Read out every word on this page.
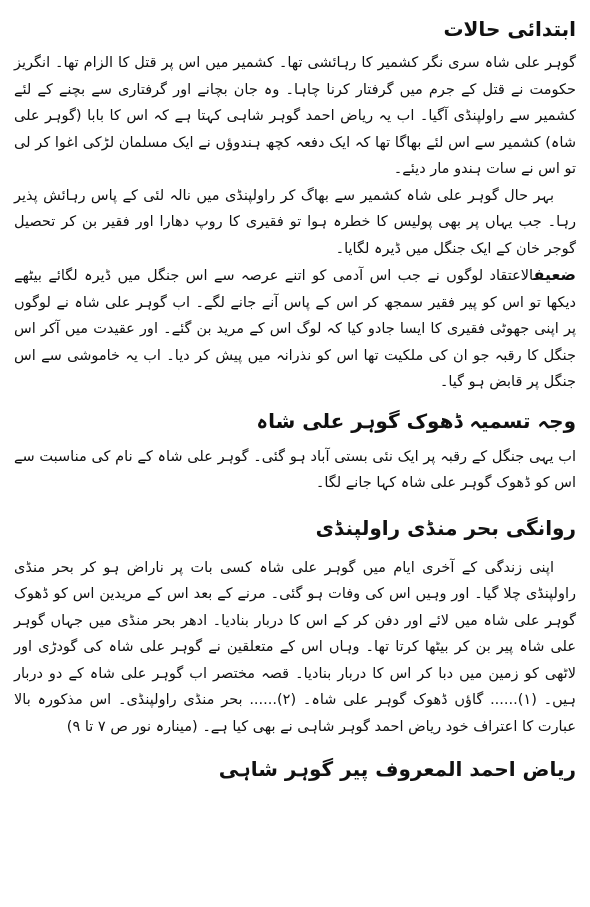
ابتدائی حالات

گوہر علی شاہ سری نگر کشمیر کا رہائشی تھا۔ کشمیر میں اس پر قتل کا الزام تھا۔ انگریز حکومت نے قتل کے جرم میں گرفتار کرنا چاہا۔ وہ جان بچانے اور گرفتاری سے بچنے کے لئے کشمیر سے راولپنڈی آگیا۔ اب یہ ریاض احمد گوہر شاہی کہتا ہے کہ اس کا بابا (گوہر علی شاہ) کشمیر سے اس لئے بھاگا تھا کہ ایک دفعہ کچھ ہندوؤں نے ایک مسلمان لڑکی اغوا کر لی تو اس نے سات ہندو مار دیئے۔

بہر حال گوہر علی شاہ کشمیر سے بھاگ کر راولپنڈی میں نالہ لئی کے پاس رہائش پذیر رہا۔ جب یہاں پر بھی پولیس کا خطرہ ہوا تو فقیری کا روپ دھارا اور فقیر بن کر تحصیل گوجر خان کے ایک جنگل میں ڈیرہ لگایا۔

ضعیفالاعتقاد لوگوں نے جب اس آدمی کو اتنے عرصہ سے اس جنگل میں ڈیرہ لگائے بیٹھے دیکھا تو اس کو پیر فقیر سمجھ کر اس کے پاس آنے جانے لگے۔ اب گوہر علی شاہ نے لوگوں پر اپنی جھوٹی فقیری کا ایسا جادو کیا کہ لوگ اس کے مرید بن گئے۔ اور عقیدت میں آکر اس جنگل کا رقبہ جو ان کی ملکیت تھا اس کو نذرانہ میں پیش کر دیا۔ اب یہ خاموشی سے اس جنگل پر قابض ہو گیا۔

وجہ تسمیہ ڈھوک گوہر علی شاہ

اب یہی جنگل کے رقبہ پر ایک نئی بستی آباد ہو گئی۔ گوہر علی شاہ کے نام کی مناسبت سے اس کو ڈھوک گوہر علی شاہ کہا جانے لگا۔

روانگی بحر منڈی راولپنڈی

اپنی زندگی کے آخری ایام میں گوہر علی شاہ کسی بات پر ناراض ہو کر بحر منڈی راولپنڈی چلا گیا۔ اور وہیں اس کی وفات ہو گئی۔ مرنے کے بعد اس کے مریدین اس کو ڈھوک گوہر علی شاہ میں لائے اور دفن کر کے اس کا دربار بنادیا۔ ادھر بحر منڈی میں جہاں گوہر علی شاہ پیر بن کر بیٹھا کرتا تھا۔ وہاں اس کے متعلقین نے گوہر علی شاہ کی گودڑی اور لاٹھی کو زمین میں دبا کر اس کا دربار بنادیا۔ قصہ مختصر اب گوہر علی شاہ کے دو دربار ہیں۔ (۱)...... گاؤں ڈھوک گوہر علی شاہ۔ (۲)...... بحر منڈی راولپنڈی۔ اس مذکورہ بالا عبارت کا اعتراف خود ریاض احمد گوہر شاہی نے بھی کیا ہے۔ (مینارہ نور ص ۷ تا ۹)

ریاض احمد المعروف پیر گوہر شاہی
